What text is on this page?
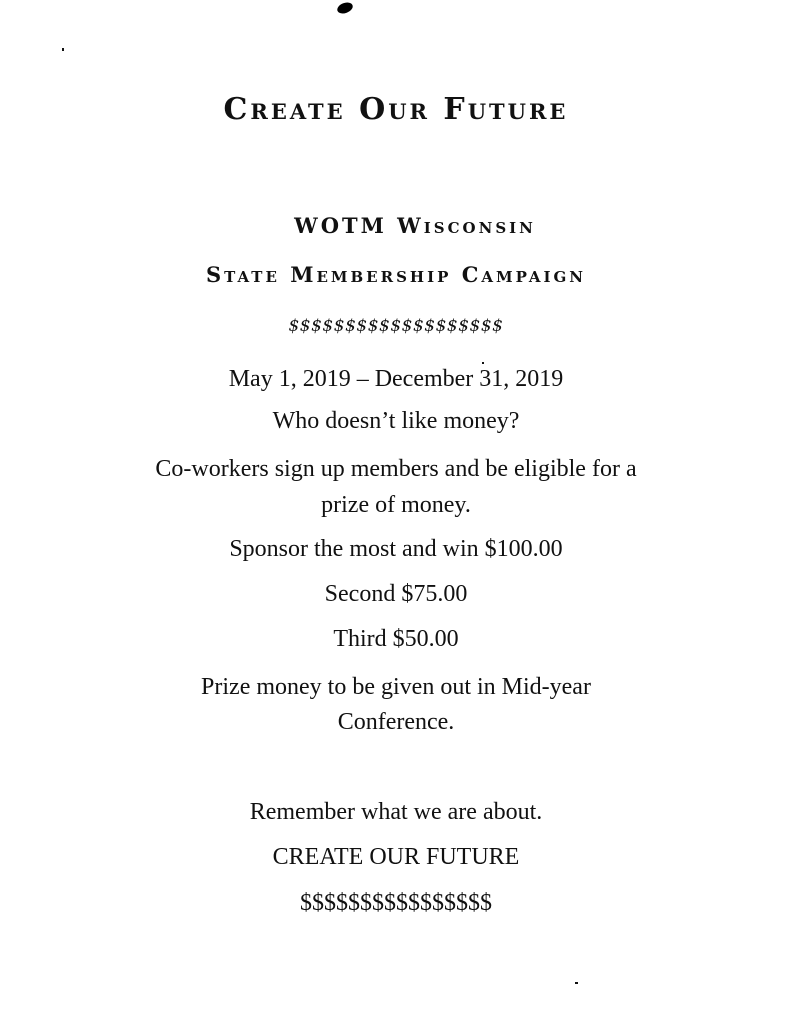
Create Our Future
WOTM Wisconsin
State Membership Campaign
$$$$$$$$$$$$$$$$$$$
May 1, 2019 – December 31, 2019
Who doesn’t like money?
Co-workers sign up members and be eligible for a
prize of money.
Sponsor the most and win $100.00
Second $75.00
Third $50.00
Prize money to be given out in Mid-year
Conference.
Remember what we are about.
CREATE OUR FUTURE
$$$$$$$$$$$$$$$$
